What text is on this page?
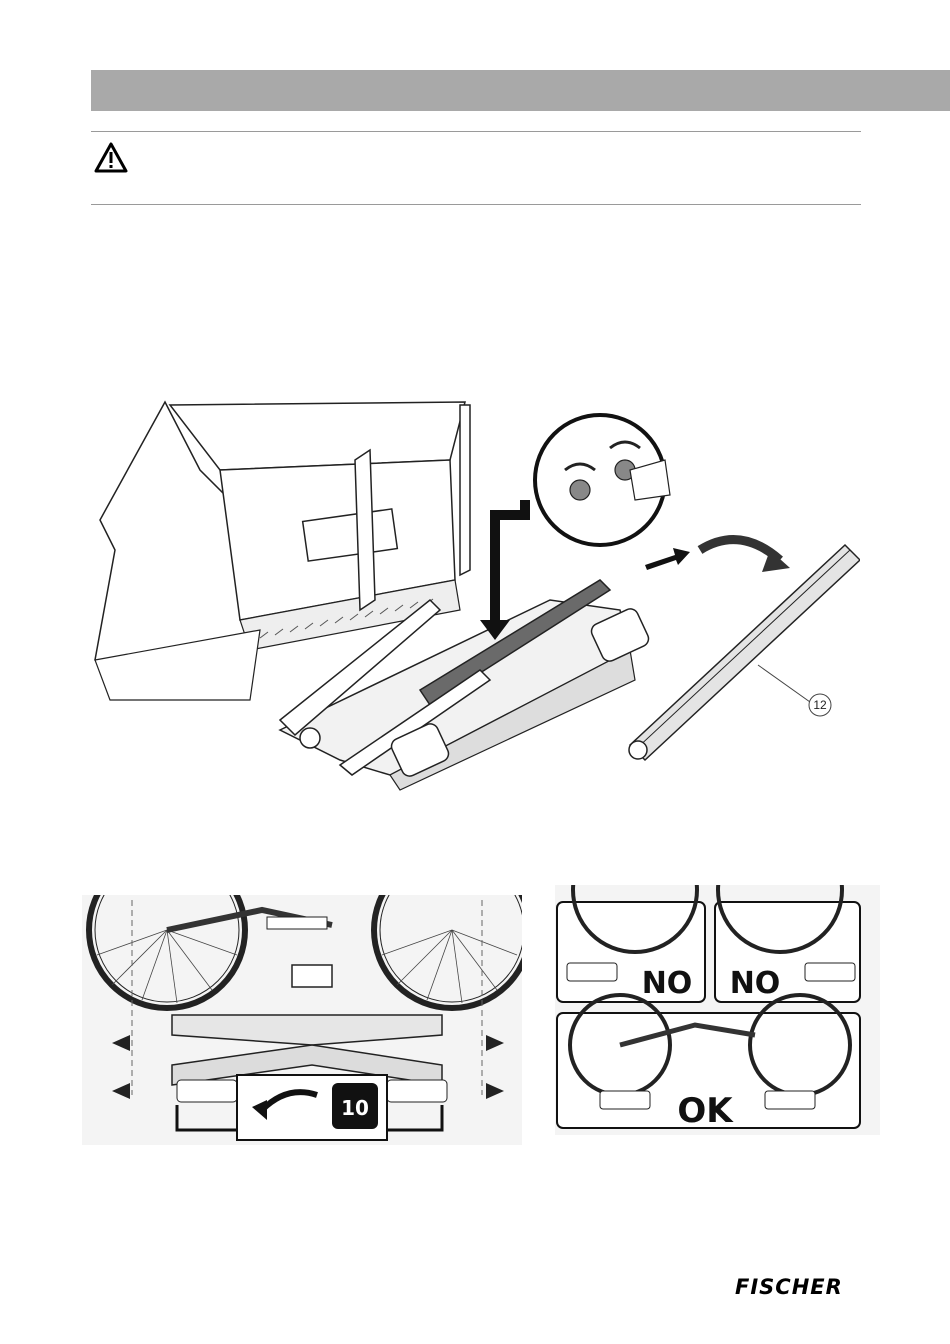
12
10
NO NO
OK
FISCHER
